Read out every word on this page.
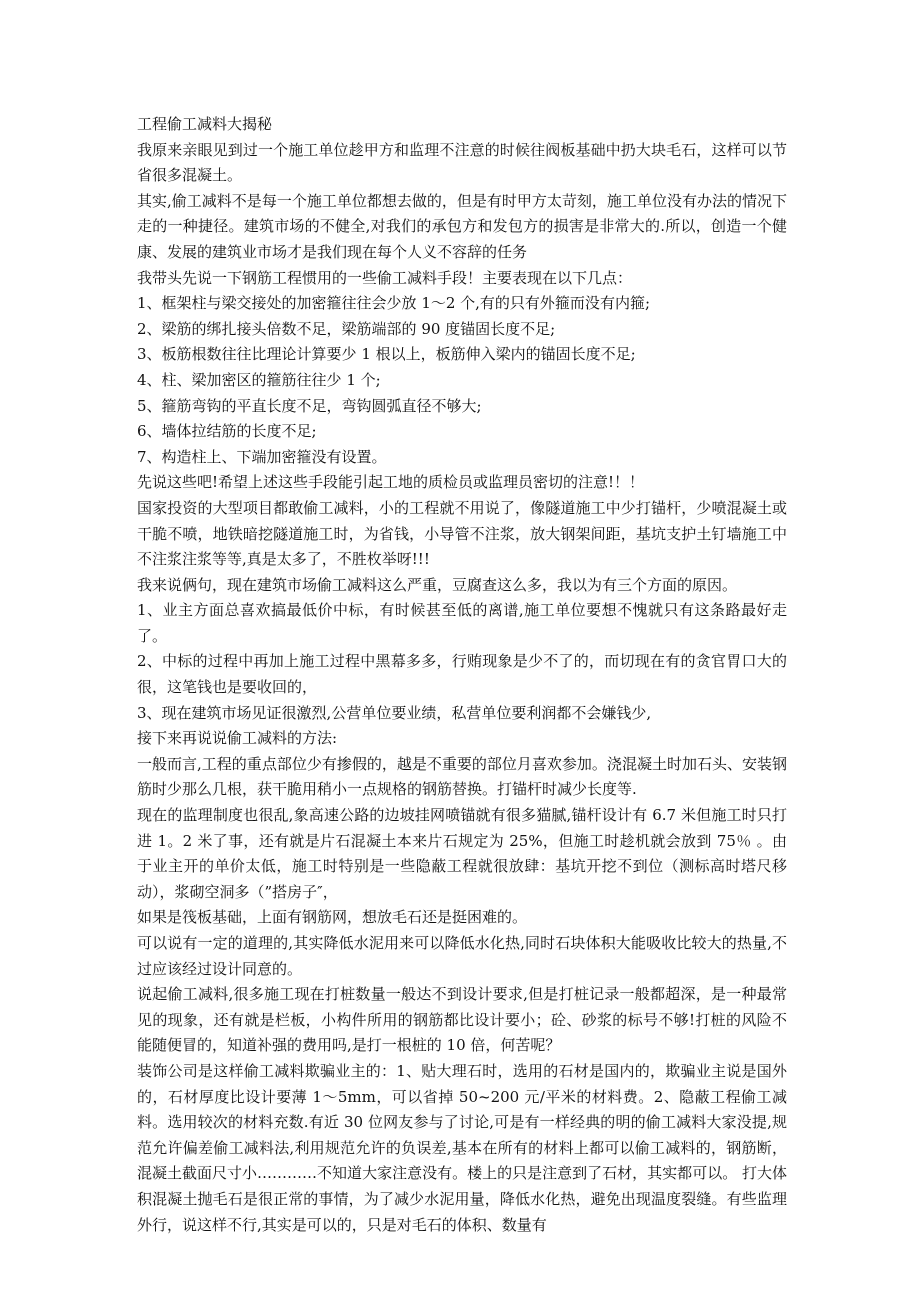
工程偷工减料大揭秘

我原来亲眼见到过一个施工单位趁甲方和监理不注意的时候往阀板基础中扔大块毛石，这样可以节省很多混凝土。

其实,偷工减料不是每一个施工单位都想去做的，但是有时甲方太苛刻，施工单位没有办法的情况下走的一种捷径。建筑市场的不健全,对我们的承包方和发包方的损害是非常大的.所以，创造一个健康、发展的建筑业市场才是我们现在每个人义不容辞的任务

我带头先说一下钢筋工程惯用的一些偷工减料手段！主要表现在以下几点：

1、框架柱与梁交接处的加密箍往往会少放 1～2 个,有的只有外箍而没有内箍;

2、梁筋的绑扎接头倍数不足，梁筋端部的 90 度锚固长度不足;

3、板筋根数往往比理论计算要少 1 根以上，板筋伸入梁内的锚固长度不足;

4、柱、梁加密区的箍筋往往少 1 个;

5、箍筋弯钩的平直长度不足，弯钩圆弧直径不够大;

6、墙体拉结筋的长度不足;

7、构造柱上、下端加密箍没有设置。

先说这些吧!希望上述这些手段能引起工地的质检员或监理员密切的注意!！！

国家投资的大型项目都敢偷工减料，小的工程就不用说了，像隧道施工中少打锚杆，少喷混凝土或干脆不喷，地铁暗挖隧道施工时，为省钱，小导管不注浆，放大钢架间距，基坑支护土钉墙施工中不注浆注浆等等,真是太多了，不胜枚举呀!!!

我来说俩句，现在建筑市场偷工减料这么严重，豆腐查这么多，我以为有三个方面的原因。

1、业主方面总喜欢搞最低价中标，有时候甚至低的离谱,施工单位要想不愧就只有这条路最好走了。

2、中标的过程中再加上施工过程中黑幕多多，行贿现象是少不了的，而切现在有的贪官胃口大的很，这笔钱也是要收回的，

3、现在建筑市场见证很激烈,公营单位要业绩，私营单位要利润都不会嫌钱少,

接下来再说说偷工减料的方法:

一般而言,工程的重点部位少有掺假的，越是不重要的部位月喜欢参加。浇混凝土时加石头、安装钢筋时少那么几根，获干脆用稍小一点规格的钢筋替换。打锚杆时减少长度等.

现在的监理制度也很乱,象高速公路的边坡挂网喷锚就有很多猫腻,锚杆设计有 6.7 米但施工时只打进 1。2 米了事，还有就是片石混凝土本来片石规定为 25%，但施工时趁机就会放到 75％ 。由于业主开的单价太低，施工时特别是一些隐蔽工程就很放肆：基坑开挖不到位（测标高时塔尺移动），浆砌空洞多（”搭房子″，

如果是筏板基础，上面有钢筋网，想放毛石还是挺困难的。

可以说有一定的道理的,其实降低水泥用来可以降低水化热,同时石块体积大能吸收比较大的热量,不过应该经过设计同意的。

说起偷工减料,很多施工现在打桩数量一般达不到设计要求,但是打桩记录一般都超深，是一种最常见的现象，还有就是栏板，小构件所用的钢筋都比设计要小；砼、砂浆的标号不够!打桩的风险不能随便冒的，知道补强的费用吗,是打一根桩的 10 倍，何苦呢？

装饰公司是这样偷工减料欺骗业主的：1、贴大理石时，选用的石材是国内的，欺骗业主说是国外的，石材厚度比设计要薄 1～5mm，可以省掉 50~200 元/平米的材料费。2、隐蔽工程偷工减料。选用较次的材料充数.有近 30 位网友参与了讨论,可是有一样经典的明的偷工减料大家没提,规范允许偏差偷工减料法,利用规范允许的负误差,基本在所有的材料上都可以偷工减料的，钢筋断，混凝土截面尺寸小…………不知道大家注意没有。楼上的只是注意到了石材，其实都可以。 打大体积混凝土抛毛石是很正常的事情，为了减少水泥用量，降低水化热，避免出现温度裂缝。有些监理外行，说这样不行,其实是可以的，只是对毛石的体积、数量有
